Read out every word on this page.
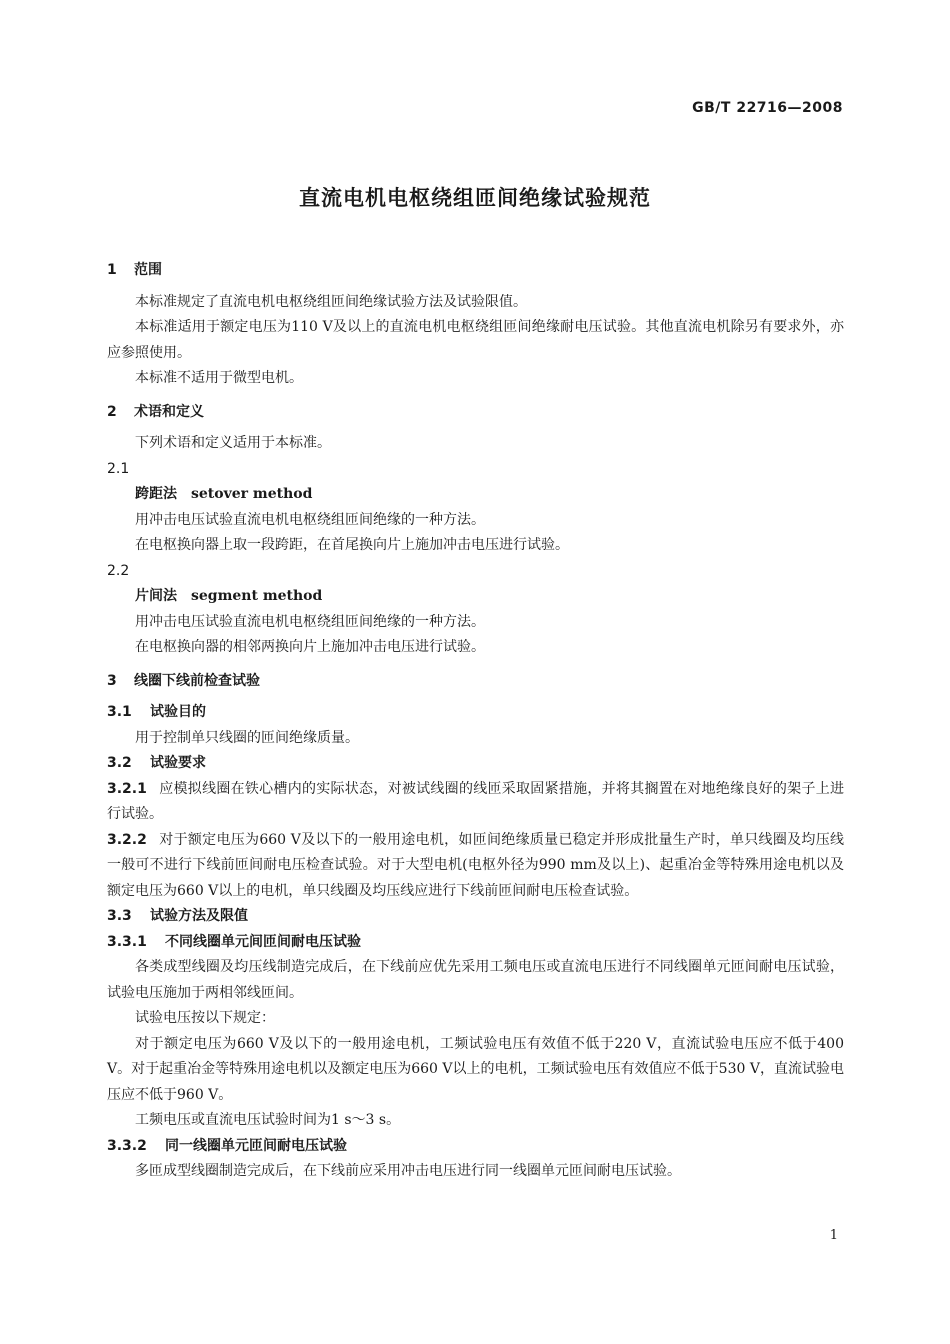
GB/T 22716—2008
直流电机电枢绕组匝间绝缘试验规范
1 范围

本标准规定了直流电机电枢绕组匝间绝缘试验方法及试验限值。

本标准适用于额定电压为110 V及以上的直流电机电枢绕组匝间绝缘耐电压试验。其他直流电机除另有要求外，亦应参照使用。

本标准不适用于微型电机。

2 术语和定义

下列术语和定义适用于本标准。

2.1

跨距法 setover method

用冲击电压试验直流电机电枢绕组匝间绝缘的一种方法。

在电枢换向器上取一段跨距，在首尾换向片上施加冲击电压进行试验。

2.2

片间法 segment method

用冲击电压试验直流电机电枢绕组匝间绝缘的一种方法。

在电枢换向器的相邻两换向片上施加冲击电压进行试验。

3 线圈下线前检查试验
3.1 试验目的

用于控制单只线圈的匝间绝缘质量。

3.2 试验要求

3.2.1 应模拟线圈在铁心槽内的实际状态，对被试线圈的线匝采取固紧措施，并将其搁置在对地绝缘良好的架子上进行试验。

3.2.2 对于额定电压为660 V及以下的一般用途电机，如匝间绝缘质量已稳定并形成批量生产时，单只线圈及均压线一般可不进行下线前匝间耐电压检查试验。对于大型电机(电枢外径为990 mm及以上)、起重冶金等特殊用途电机以及额定电压为660 V以上的电机，单只线圈及均压线应进行下线前匝间耐电压检查试验。

3.3 试验方法及限值
3.3.1 不同线圈单元间匝间耐电压试验

各类成型线圈及均压线制造完成后，在下线前应优先采用工频电压或直流电压进行不同线圈单元匝间耐电压试验，试验电压施加于两相邻线匝间。

试验电压按以下规定：

对于额定电压为660 V及以下的一般用途电机，工频试验电压有效值不低于220 V，直流试验电压应不低于400 V。对于起重冶金等特殊用途电机以及额定电压为660 V以上的电机，工频试验电压有效值应不低于530 V，直流试验电压应不低于960 V。

工频电压或直流电压试验时间为1 s～3 s。

3.3.2 同一线圈单元匝间耐电压试验

多匝成型线圈制造完成后，在下线前应采用冲击电压进行同一线圈单元匝间耐电压试验。

1
